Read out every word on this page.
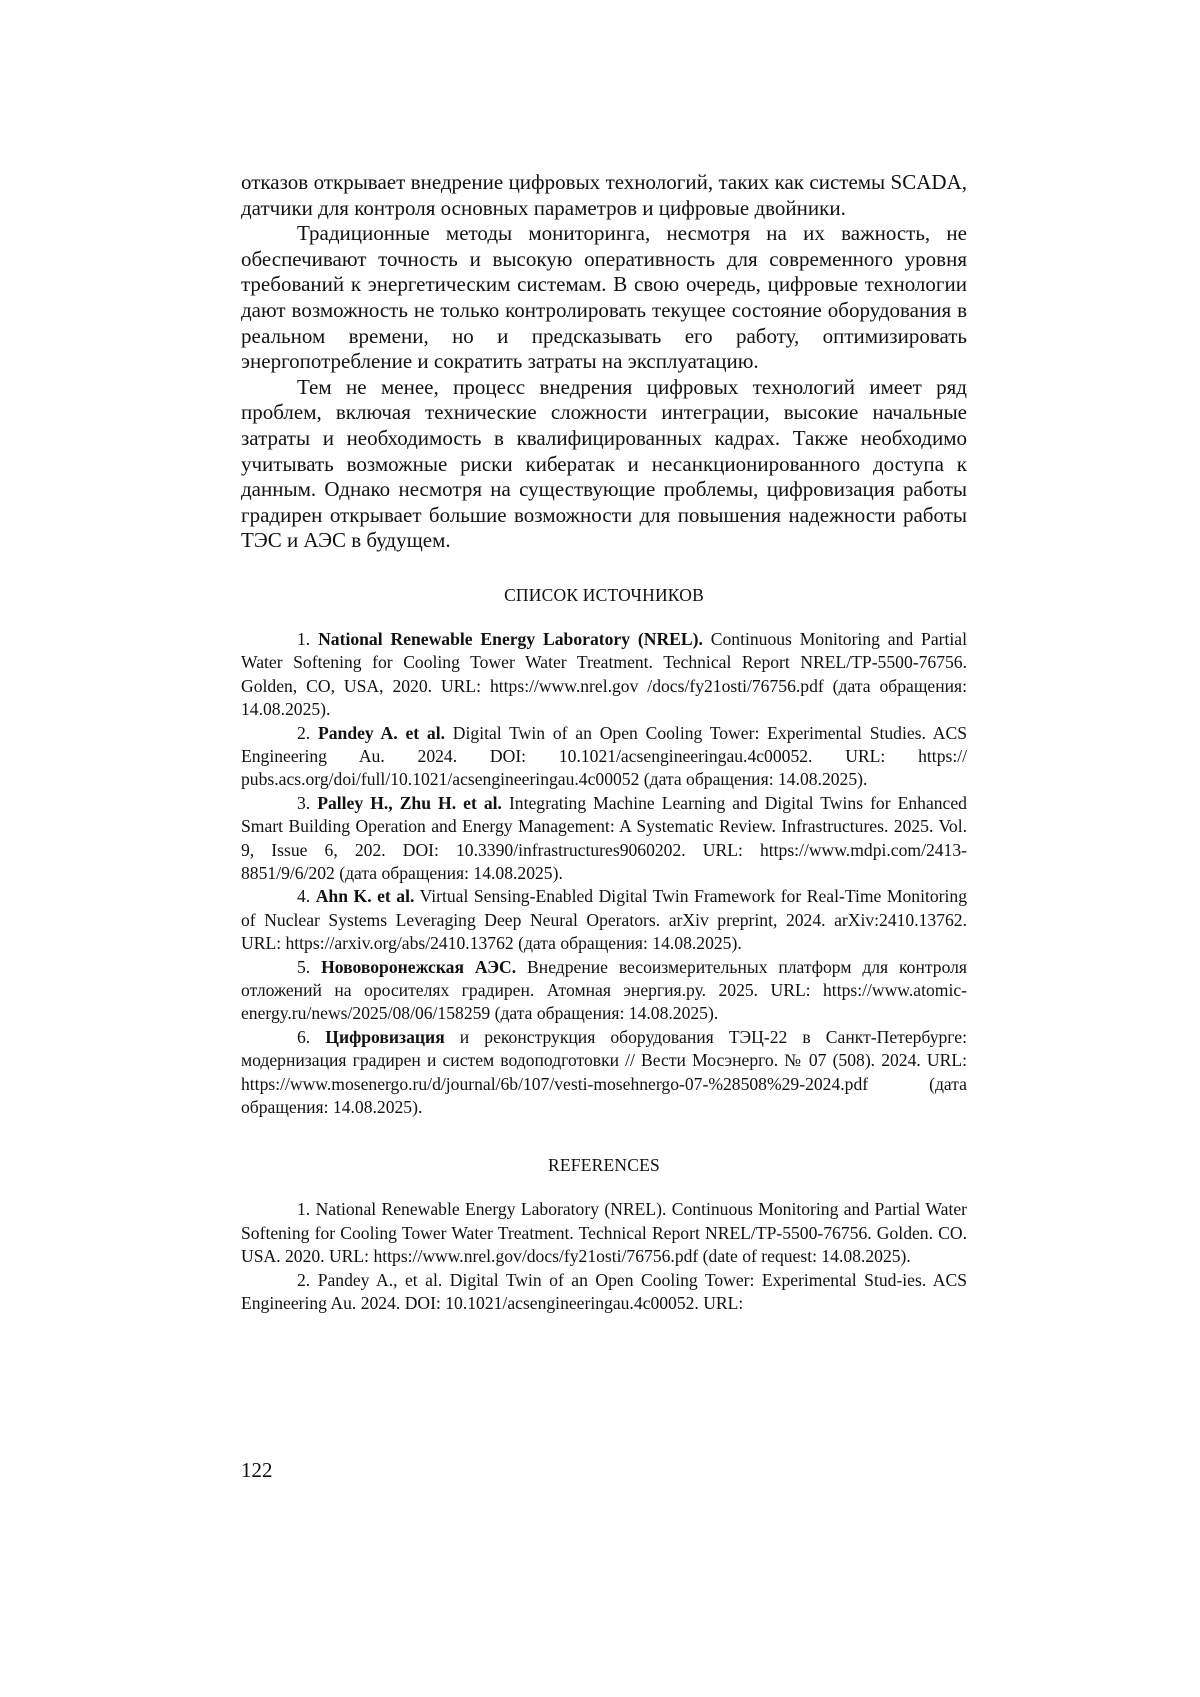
отказов открывает внедрение цифровых технологий, таких как системы SCADA, датчики для контроля основных параметров и цифровые двойники.

Традиционные методы мониторинга, несмотря на их важность, не обеспечивают точность и высокую оперативность для современного уровня требований к энергетическим системам. В свою очередь, цифровые технологии дают возможность не только контролировать текущее состояние оборудования в реальном времени, но и предсказывать его работу, оптимизировать энергопотребление и сократить затраты на эксплуатацию.

Тем не менее, процесс внедрения цифровых технологий имеет ряд проблем, включая технические сложности интеграции, высокие начальные затраты и необходимость в квалифицированных кадрах. Также необходимо учитывать возможные риски кибератак и несанкционированного доступа к данным. Однако несмотря на существующие проблемы, цифровизация работы градирен открывает большие возможности для повышения надежности работы ТЭС и АЭС в будущем.

СПИСОК ИСТОЧНИКОВ

1. National Renewable Energy Laboratory (NREL). Continuous Monitoring and Partial Water Softening for Cooling Tower Water Treatment. Technical Report NREL/TP-5500-76756. Golden, CO, USA, 2020. URL: https://www.nrel.gov /docs/fy21osti/76756.pdf (дата обращения: 14.08.2025).

2. Pandey A. et al. Digital Twin of an Open Cooling Tower: Experimental Studies. ACS Engineering Au. 2024. DOI: 10.1021/acsengineeringau.4c00052. URL: https:// pubs.acs.org/doi/full/10.1021/acsengineeringau.4c00052 (дата обращения: 14.08.2025).

3. Palley H., Zhu H. et al. Integrating Machine Learning and Digital Twins for Enhanced Smart Building Operation and Energy Management: A Systematic Review. Infrastructures. 2025. Vol. 9, Issue 6, 202. DOI: 10.3390/infrastructures9060202. URL: https://www.mdpi.com/2413-8851/9/6/202 (дата обращения: 14.08.2025).

4. Ahn K. et al. Virtual Sensing-Enabled Digital Twin Framework for Real-Time Monitoring of Nuclear Systems Leveraging Deep Neural Operators. arXiv preprint, 2024. arXiv:2410.13762. URL: https://arxiv.org/abs/2410.13762 (дата обращения: 14.08.2025).

5. Нововоронежская АЭС. Внедрение весоизмерительных платформ для контроля отложений на оросителях градирен. Атомная энергия.ру. 2025. URL: https://www.atomic-energy.ru/news/2025/08/06/158259 (дата обращения: 14.08.2025).

6. Цифровизация и реконструкция оборудования ТЭЦ-22 в Санкт-Петербурге: модернизация градирен и систем водоподготовки // Вести Мосэнерго. № 07 (508). 2024. URL: https://www.mosenergo.ru/d/journal/6b/107/vesti-mosehnergo-07-%28508%29-2024.pdf (дата обращения: 14.08.2025).

REFERENCES

1. National Renewable Energy Laboratory (NREL). Continuous Monitoring and Partial Water Softening for Cooling Tower Water Treatment. Technical Report NREL/TP-5500-76756. Golden. CO. USA. 2020. URL: https://www.nrel.gov/docs/fy21osti/76756.pdf (date of request: 14.08.2025).

2. Pandey A., et al. Digital Twin of an Open Cooling Tower: Experimental Stud-ies. ACS Engineering Au. 2024. DOI: 10.1021/acsengineeringau.4c00052. URL:

122
